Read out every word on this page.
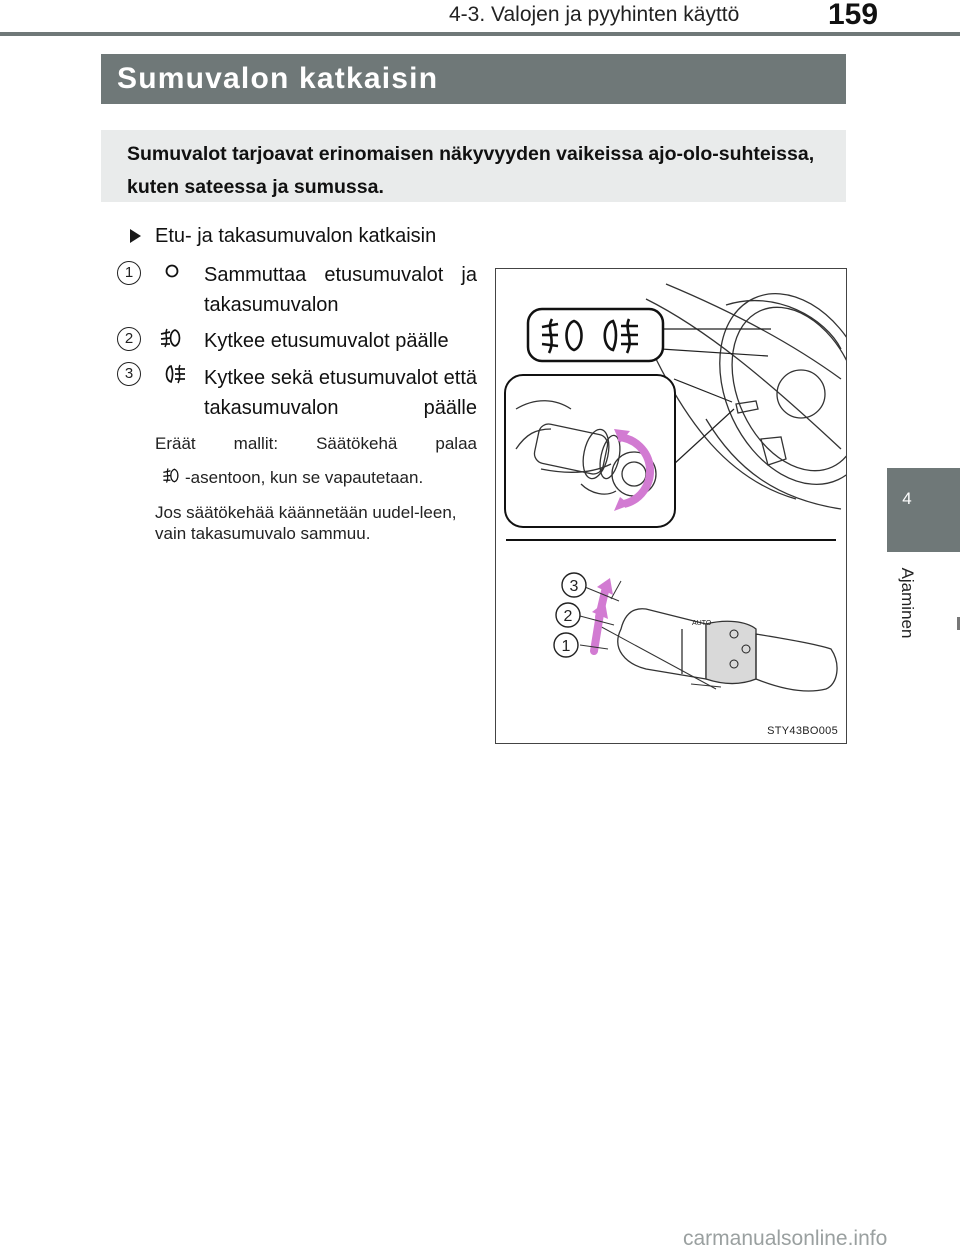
4-3. Valojen ja pyyhinten käyttö	159
4
Ajaminen
Sumuvalon katkaisin

Sumuvalot tarjoavat erinomaisen näkyvyyden vaikeissa ajo-olo-suhteissa, kuten sateessa ja sumussa.

Etu- ja takasumuvalon katkaisin
1	Sammuttaa etusumuvalot ja takasumuvalon
2	Kytkee etusumuvalot päälle
3	Kytkee sekä etusumuvalot että takasumuvalon päälle
Eräät mallit: Säätökehä palaa
-asentoon, kun se vapautetaan.
Jos säätökehää käännetään uudel-leen, vain takasumuvalo sammuu.
AUTO
3
2
1
STY43BO005
carmanualsonline.info
